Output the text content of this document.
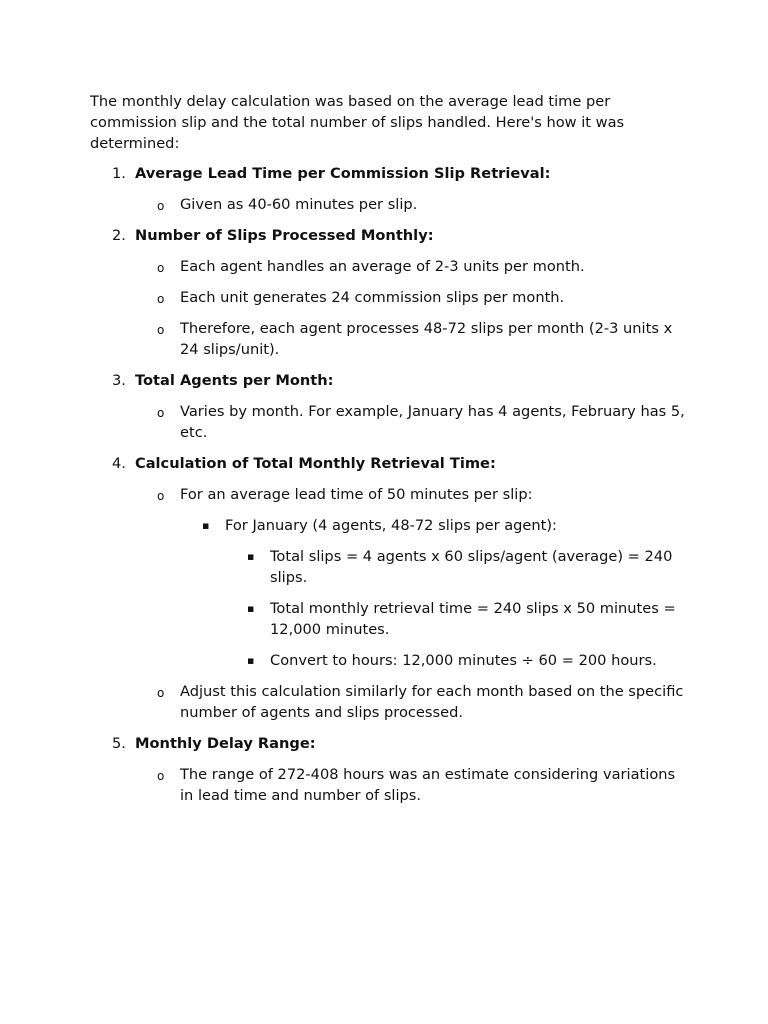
The monthly delay calculation was based on the average lead time per commission slip and the total number of slips handled. Here's how it was determined:

1. Average Lead Time per Commission Slip Retrieval:
o Given as 40-60 minutes per slip.
2. Number of Slips Processed Monthly:
o Each agent handles an average of 2-3 units per month.
o Each unit generates 24 commission slips per month.
o Therefore, each agent processes 48-72 slips per month (2-3 units x 24 slips/unit).
3. Total Agents per Month:
o Varies by month. For example, January has 4 agents, February has 5, etc.
4. Calculation of Total Monthly Retrieval Time:
o For an average lead time of 50 minutes per slip:
▪ For January (4 agents, 48-72 slips per agent):
▪ Total slips = 4 agents x 60 slips/agent (average) = 240 slips.
▪ Total monthly retrieval time = 240 slips x 50 minutes = 12,000 minutes.
▪ Convert to hours: 12,000 minutes ÷ 60 = 200 hours.
o Adjust this calculation similarly for each month based on the specific number of agents and slips processed.
5. Monthly Delay Range:
o The range of 272-408 hours was an estimate considering variations in lead time and number of slips.
